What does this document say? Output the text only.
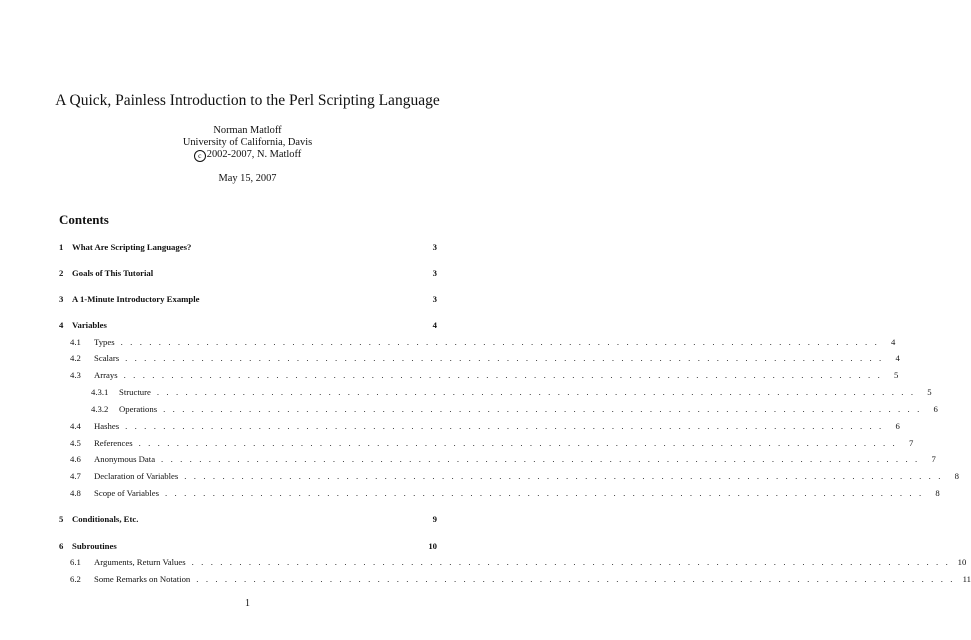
A Quick, Painless Introduction to the Perl Scripting Language
Norman Matloff
University of California, Davis
c 2002-2007, N. Matloff
May 15, 2007
Contents
1 What Are Scripting Languages?	3
2 Goals of This Tutorial	3
3 A 1-Minute Introductory Example	3
4 Variables	4
4.1	Types . . . . . . . . . . . . . . . . . . . . . . . . . . . . . . . . . . . . . . . . . . . . . . . . . . . . . . . . . . . . . . . . . . . . . . . . . . . . . . . .	4
4.2	Scalars . . . . . . . . . . . . . . . . . . . . . . . . . . . . . . . . . . . . . . . . . . . . . . . . . . . . . . . . . . . . . . . . . . . . . . . . . . . . . . . .	4
4.3	Arrays . . . . . . . . . . . . . . . . . . . . . . . . . . . . . . . . . . . . . . . . . . . . . . . . . . . . . . . . . . . . . . . . . . . . . . . . . . . . . . . .	5
4.3.1	Structure . . . . . . . . . . . . . . . . . . . . . . . . . . . . . . . . . . . . . . . . . . . . . . . . . . . . . . . . . . . . . . . . . . . . . . . . . . . . . . . .	5
4.3.2	Operations . . . . . . . . . . . . . . . . . . . . . . . . . . . . . . . . . . . . . . . . . . . . . . . . . . . . . . . . . . . . . . . . . . . . . . . . . . . . . . . .	6
4.4	Hashes . . . . . . . . . . . . . . . . . . . . . . . . . . . . . . . . . . . . . . . . . . . . . . . . . . . . . . . . . . . . . . . . . . . . . . . . . . . . . . . .	6
4.5	References . . . . . . . . . . . . . . . . . . . . . . . . . . . . . . . . . . . . . . . . . . . . . . . . . . . . . . . . . . . . . . . . . . . . . . . . . . . . . . . .	7
4.6	Anonymous Data . . . . . . . . . . . . . . . . . . . . . . . . . . . . . . . . . . . . . . . . . . . . . . . . . . . . . . . . . . . . . . . . . . . . . . . . . . . . . . . .	7
4.7	Declaration of Variables . . . . . . . . . . . . . . . . . . . . . . . . . . . . . . . . . . . . . . . . . . . . . . . . . . . . . . . . . . . . . . . . . . . . . . . . . . . . . . . .	8
4.8	Scope of Variables . . . . . . . . . . . . . . . . . . . . . . . . . . . . . . . . . . . . . . . . . . . . . . . . . . . . . . . . . . . . . . . . . . . . . . . . . . . . . . . .	8
5 Conditionals, Etc.	9
6 Subroutines	10
6.1	Arguments, Return Values . . . . . . . . . . . . . . . . . . . . . . . . . . . . . . . . . . . . . . . . . . . . . . . . . . . . . . . . . . . . . . . . . . . . . . . . . . . . . . . . 10
6.2	Some Remarks on Notation . . . . . . . . . . . . . . . . . . . . . . . . . . . . . . . . . . . . . . . . . . . . . . . . . . . . . . . . . . . . . . . . . . . . . . . . . . . . . . . . 11
1
